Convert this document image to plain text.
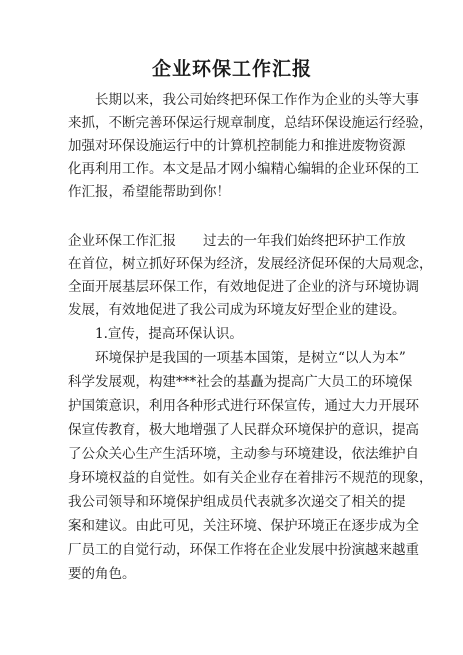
企业环保工作汇报
长期以来，我公司始终把环保工作作为企业的头等大事
来抓，不断完善环保运行规章制度，总结环保设施运行经验，
加强对环保设施运行中的计算机控制能力和推进废物资源
化再利用工作。本文是品才网小编精心编辑的企业环保的工
作汇报，希望能帮助到你！
企业环保工作汇报　　过去的一年我们始终把环护工作放
在首位，树立抓好环保为经济，发展经济促环保的大局观念，
全面开展基层环保工作，有效地促进了企业的济与环境协调
发展，有效地促进了我公司成为环境友好型企业的建设。
1.宣传，提高环保认识。
环境保护是我国的一项基本国策，是树立“以人为本”
科学发展观，构建***社会的基矗为提高广大员工的环境保
护国策意识，利用各种形式进行环保宣传，通过大力开展环
保宣传教育，极大地增强了人民群众环境保护的意识，提高
了公众关心生产生活环境，主动参与环境建设，依法维护自
身环境权益的自觉性。如有关企业存在着排污不规范的现象，
我公司领导和环境保护组成员代表就多次递交了相关的提
案和建议。由此可见，关注环境、保护环境正在逐步成为全
厂员工的自觉行动，环保工作将在企业发展中扮演越来越重
要的角色。
